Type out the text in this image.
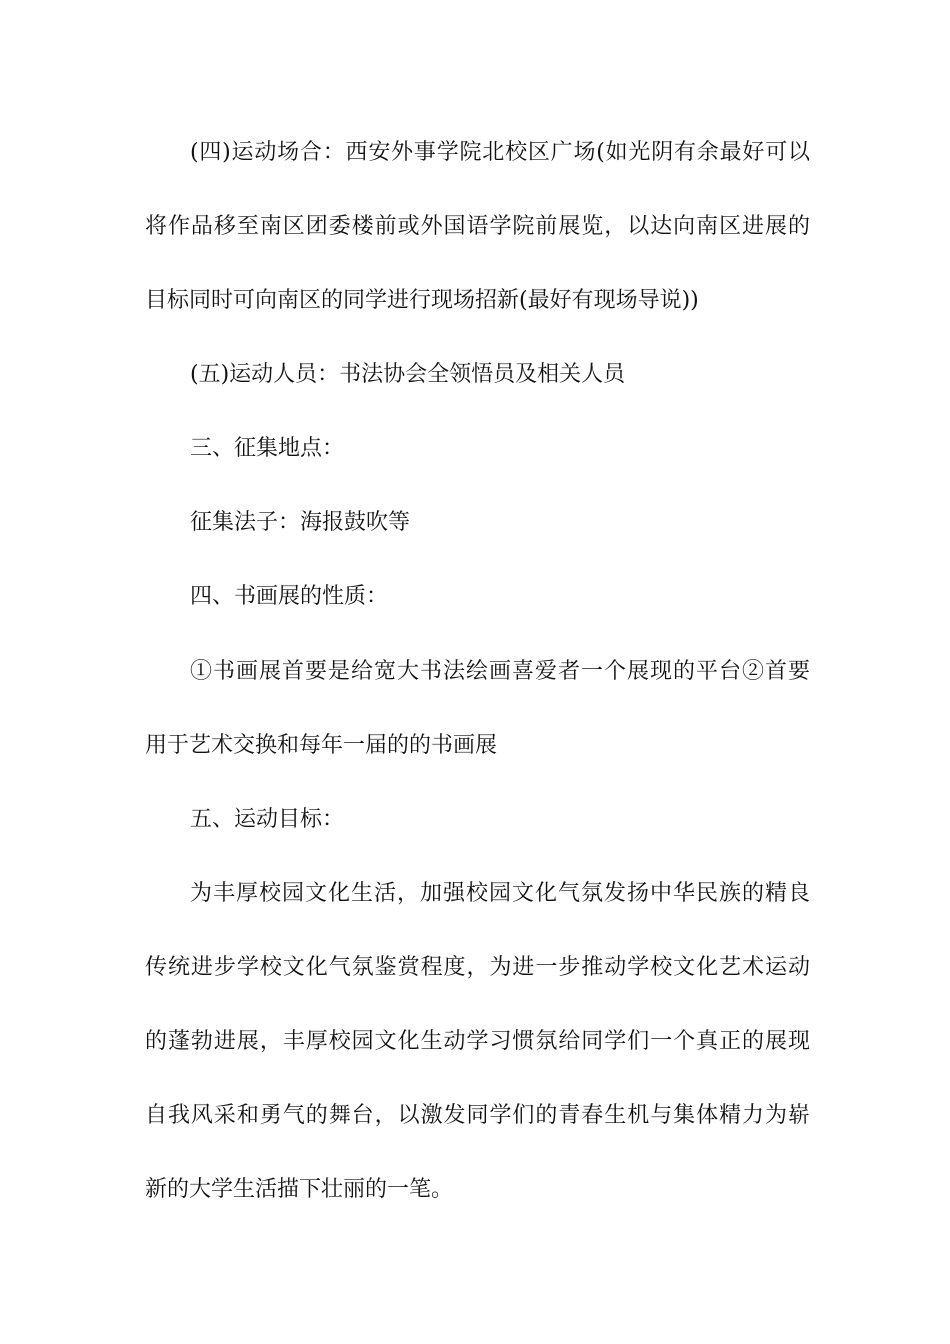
(四)运动场合：西安外事学院北校区广场(如光阴有余最好可以
将作品移至南区团委楼前或外国语学院前展览，以达向南区进展的
目标同时可向南区的同学进行现场招新(最好有现场导说))
(五)运动人员：书法协会全领悟员及相关人员
三、征集地点：
征集法子：海报鼓吹等
四、书画展的性质：
①书画展首要是给宽大书法绘画喜爱者一个展现的平台②首要
用于艺术交换和每年一届的的书画展
五、运动目标：
为丰厚校园文化生活，加强校园文化气氛发扬中华民族的精良
传统进步学校文化气氛鉴赏程度，为进一步推动学校文化艺术运动
的蓬勃进展，丰厚校园文化生动学习惯氛给同学们一个真正的展现
自我风采和勇气的舞台，以激发同学们的青春生机与集体精力为崭
新的大学生活描下壮丽的一笔。
